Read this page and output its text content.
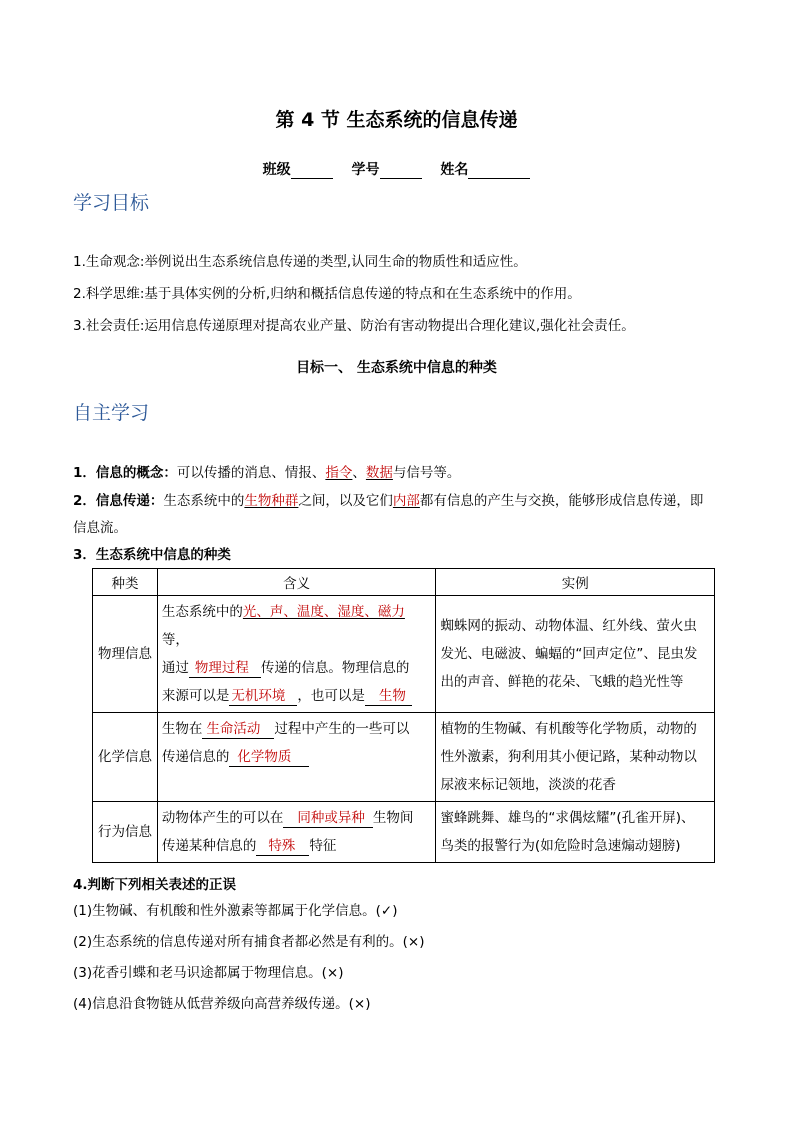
第 4 节 生态系统的信息传递
班级	学号	姓名
学习目标
1.生命观念:举例说出生态系统信息传递的类型,认同生命的物质性和适应性。
2.科学思维:基于具体实例的分析,归纳和概括信息传递的特点和在生态系统中的作用。
3.社会责任:运用信息传递原理对提高农业产量、防治有害动物提出合理化建议,强化社会责任。
目标一、 生态系统中信息的种类
自主学习
1．信息的概念：可以传播的消息、情报、指令、数据与信号等。
2．信息传递：生态系统中的生物种群之间，以及它们内部都有信息的产生与交换，能够形成信息传递，即
信息流。
3．生态系统中信息的种类
种类	含义	实例
物理信息	生态系统中的光、声、温度、湿度、磁力等，
通过 物理过程 传递的信息。物理信息的
来源可以是 无机环境 ，也可以是 生物	蜘蛛网的振动、动物体温、红外线、萤火虫
发光、电磁波、蝙蝠的“回声定位”、昆虫发
出的声音、鲜艳的花朵、飞蛾的趋光性等
化学信息	生物在 生命活动 过程中产生的一些可以
传递信息的 化学物质	植物的生物碱、有机酸等化学物质，动物的
性外激素，狗利用其小便记路，某种动物以
尿液来标记领地，淡淡的花香
行为信息	动物体产生的可以在 同种或异种 生物间
传递某种信息的 特殊 特征	蜜蜂跳舞、雄鸟的“求偶炫耀”(孔雀开屏)、
鸟类的报警行为(如危险时急速煽动翅膀)
4.判断下列相关表述的正误
(1)生物碱、有机酸和性外激素等都属于化学信息。(✓)
(2)生态系统的信息传递对所有捕食者都必然是有利的。(×)
(3)花香引蝶和老马识途都属于物理信息。(×)
(4)信息沿食物链从低营养级向高营养级传递。(×)
